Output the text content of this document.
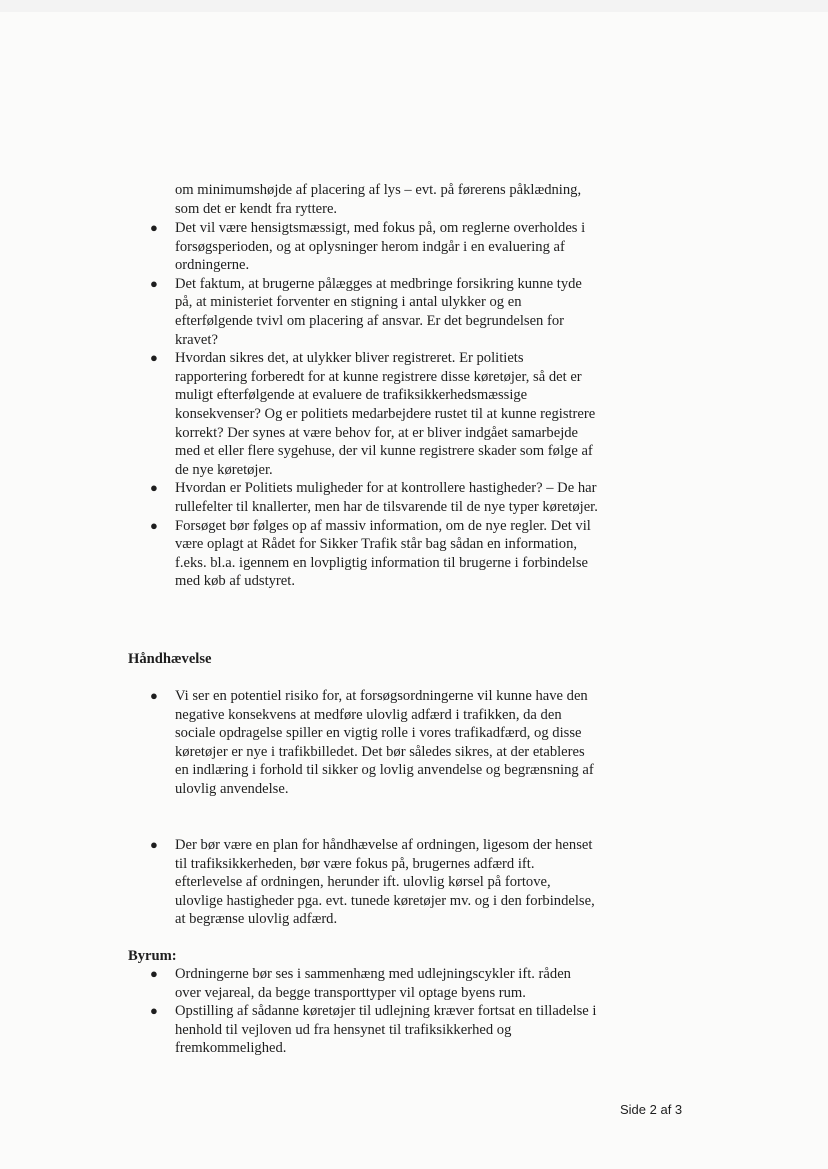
om minimumshøjde af placering af lys – evt. på førerens påklædning, som det er kendt fra ryttere.

● Det vil være hensigtsmæssigt, med fokus på, om reglerne overholdes i forsøgsperioden, og at oplysninger herom indgår i en evaluering af ordningerne.
● Det faktum, at brugerne pålægges at medbringe forsikring kunne tyde på, at ministeriet forventer en stigning i antal ulykker og en efterfølgende tvivl om placering af ansvar. Er det begrundelsen for kravet?
● Hvordan sikres det, at ulykker bliver registreret. Er politiets rapportering forberedt for at kunne registrere disse køretøjer, så det er muligt efterfølgende at evaluere de trafiksikkerhedsmæssige konsekvenser? Og er politiets medarbejdere rustet til at kunne registrere korrekt? Der synes at være behov for, at er bliver indgået samarbejde med et eller flere sygehuse, der vil kunne registrere skader som følge af de nye køretøjer.
● Hvordan er Politiets muligheder for at kontrollere hastigheder? – De har rullefelter til knallerter, men har de tilsvarende til de nye typer køretøjer.
● Forsøget bør følges op af massiv information, om de nye regler. Det vil være oplagt at Rådet for Sikker Trafik står bag sådan en information, f.eks. bl.a. igennem en lovpligtig information til brugerne i forbindelse med køb af udstyret.
Håndhævelse
● Vi ser en potentiel risiko for, at forsøgsordningerne vil kunne have den negative konsekvens at medføre ulovlig adfærd i trafikken, da den sociale opdragelse spiller en vigtig rolle i vores trafikadfærd, og disse køretøjer er nye i trafikbilledet. Det bør således sikres, at der etableres en indlæring i forhold til sikker og lovlig anvendelse og begrænsning af ulovlig anvendelse.
● Der bør være en plan for håndhævelse af ordningen, ligesom der henset til trafiksikkerheden, bør være fokus på, brugernes adfærd ift. efterlevelse af ordningen, herunder ift. ulovlig kørsel på fortove, ulovlige hastigheder pga. evt. tunede køretøjer mv. og i den forbindelse, at begrænse ulovlig adfærd.
Byrum:
● Ordningerne bør ses i sammenhæng med udlejningscykler ift. råden over vejareal, da begge transporttyper vil optage byens rum.
● Opstilling af sådanne køretøjer til udlejning kræver fortsat en tilladelse i henhold til vejloven ud fra hensynet til trafiksikkerhed og fremkommelighed.
Side 2 af 3
